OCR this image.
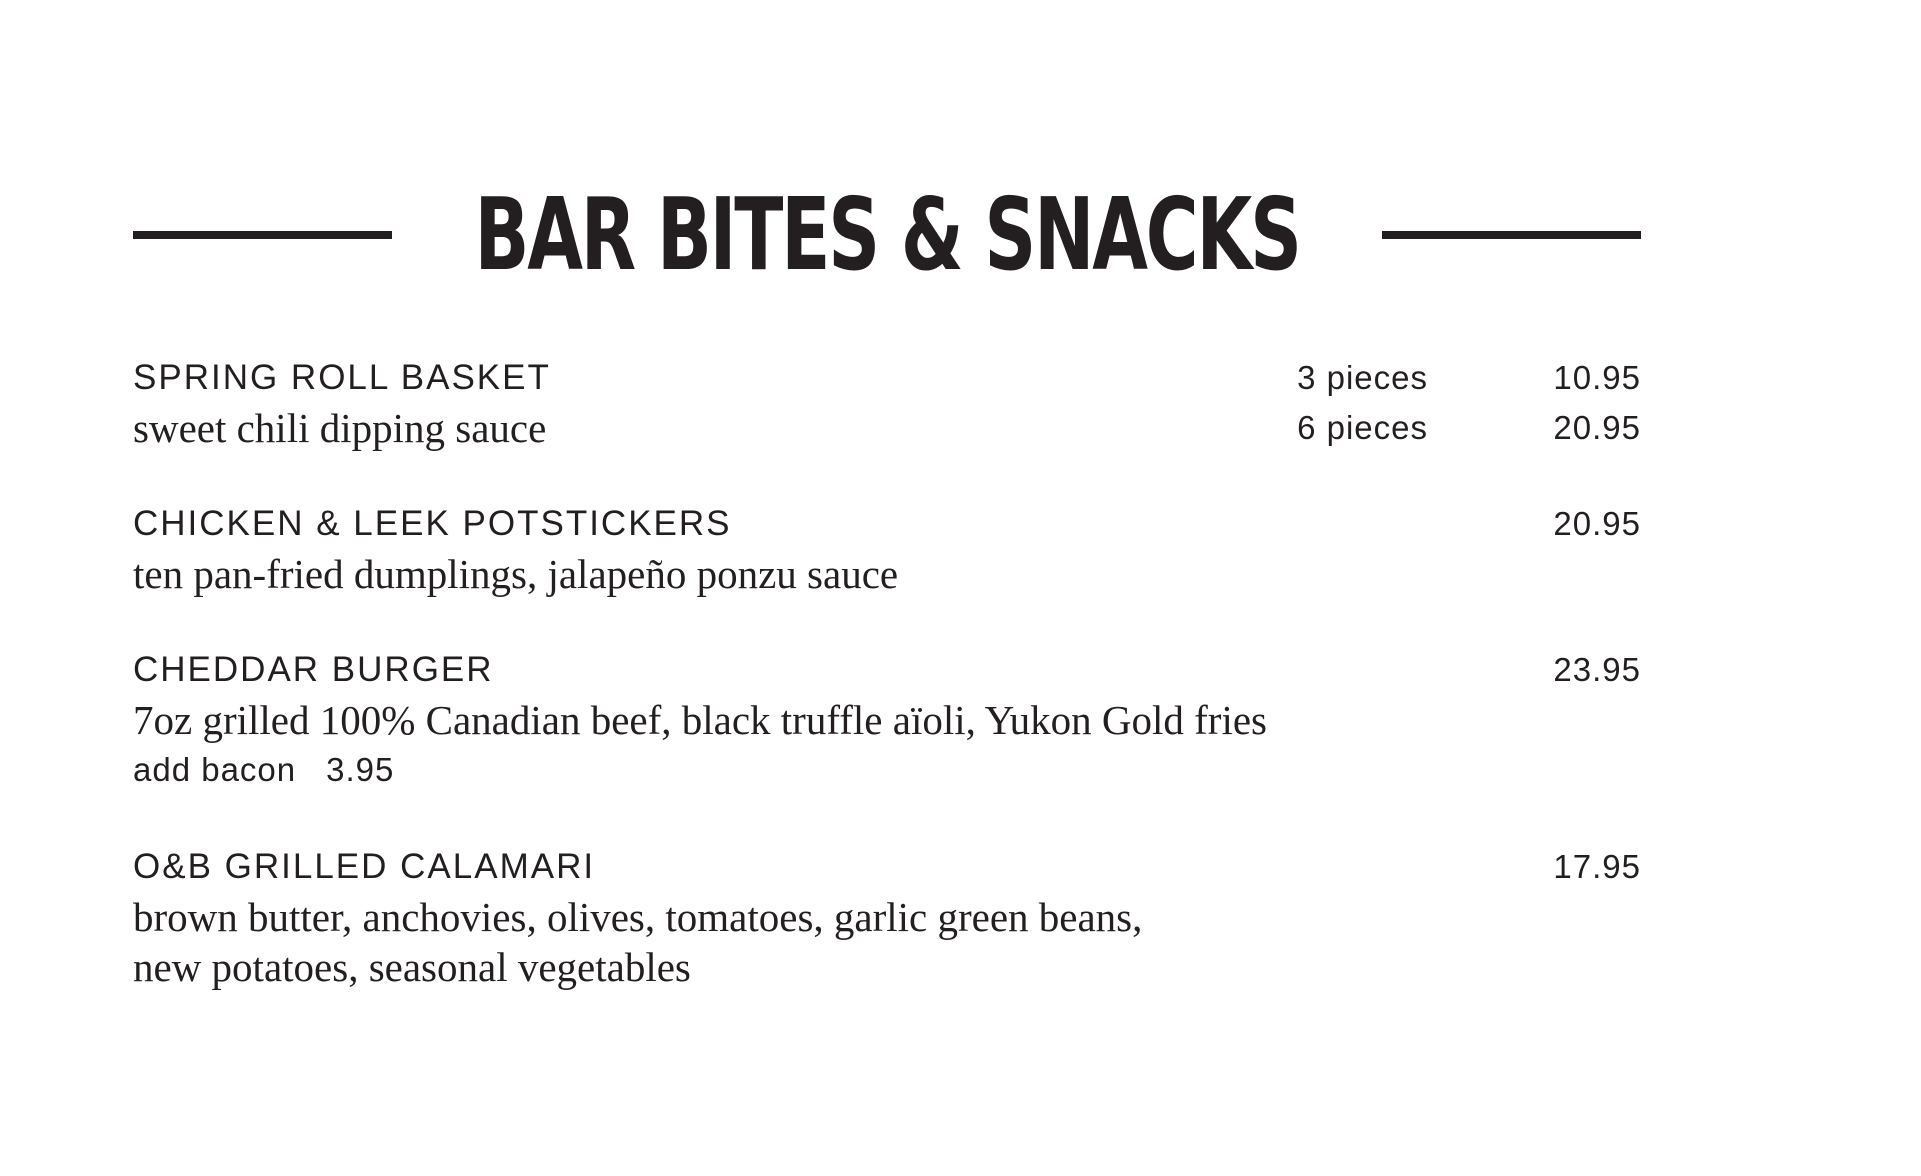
BAR BITES & SNACKS
SPRING ROLL BASKET	3 pieces	10.95
sweet chili dipping sauce	6 pieces	20.95
CHICKEN & LEEK POTSTICKERS	20.95
ten pan-fried dumplings, jalapeño ponzu sauce
CHEDDAR BURGER	23.95
7oz grilled 100% Canadian beef, black truffle aïoli, Yukon Gold fries
add bacon 3.95
O&B GRILLED CALAMARI	17.95
brown butter, anchovies, olives, tomatoes, garlic green beans,
new potatoes, seasonal vegetables
